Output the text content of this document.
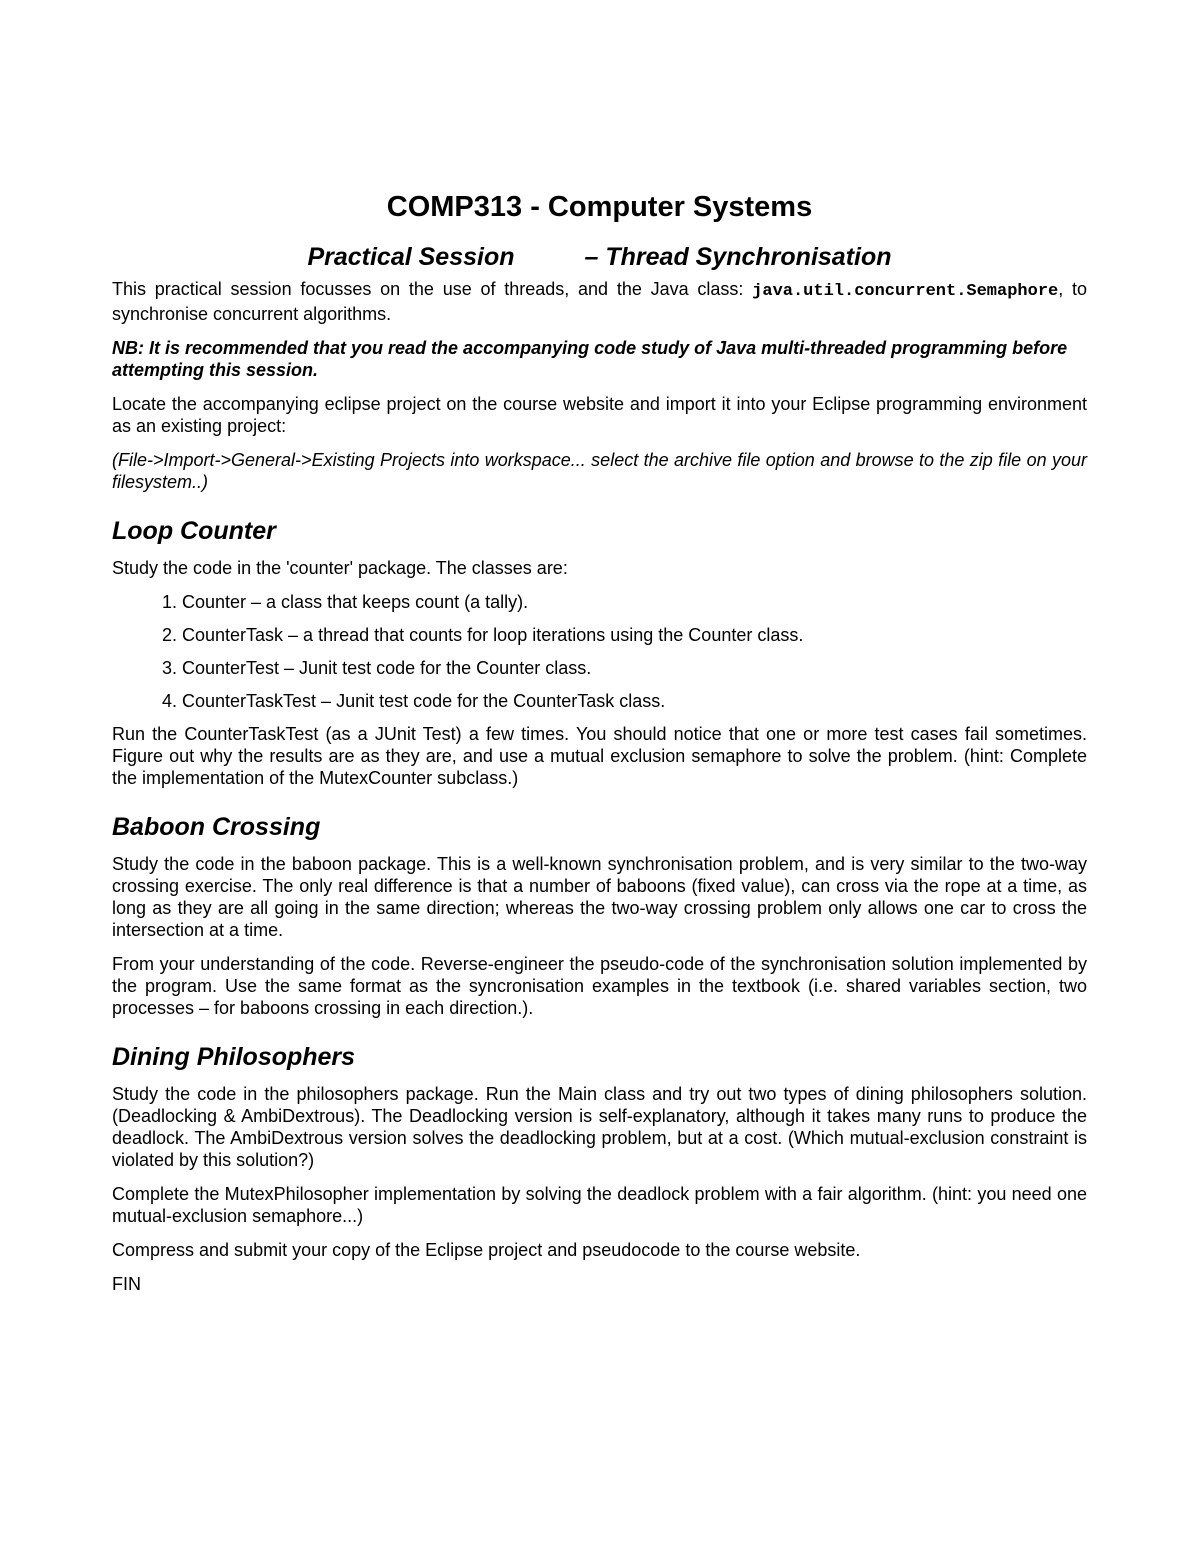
COMP313 - Computer Systems
Practical Session	– Thread Synchronisation

This practical session focusses on the use of threads, and the Java class: java.util.concurrent.Semaphore, to synchronise concurrent algorithms.

NB: It is recommended that you read the accompanying code study of Java multi-threaded programming before attempting this session.

Locate the accompanying eclipse project on the course website and import it into your Eclipse programming environment as an existing project:

(File->Import->General->Existing Projects into workspace... select the archive file option and browse to the zip file on your filesystem..)

Loop Counter

Study the code in the 'counter' package. The classes are:

1. Counter – a class that keeps count (a tally).
2. CounterTask – a thread that counts for loop iterations using the Counter class.
3. CounterTest – Junit test code for the Counter class.
4. CounterTaskTest – Junit test code for the CounterTask class.

Run the CounterTaskTest (as a JUnit Test) a few times. You should notice that one or more test cases fail sometimes. Figure out why the results are as they are, and use a mutual exclusion semaphore to solve the problem. (hint: Complete the implementation of the MutexCounter subclass.)

Baboon Crossing

Study the code in the baboon package. This is a well-known synchronisation problem, and is very similar to the two-way crossing exercise. The only real difference is that a number of baboons (fixed value), can cross via the rope at a time, as long as they are all going in the same direction; whereas the two-way crossing problem only allows one car to cross the intersection at a time.

From your understanding of the code. Reverse-engineer the pseudo-code of the synchronisation solution implemented by the program. Use the same format as the syncronisation examples in the textbook (i.e. shared variables section, two processes – for baboons crossing in each direction.).

Dining Philosophers

Study the code in the philosophers package. Run the Main class and try out two types of dining philosophers solution. (Deadlocking & AmbiDextrous). The Deadlocking version is self-explanatory, although it takes many runs to produce the deadlock. The AmbiDextrous version solves the deadlocking problem, but at a cost. (Which mutual-exclusion constraint is violated by this solution?)

Complete the MutexPhilosopher implementation by solving the deadlock problem with a fair algorithm. (hint: you need one mutual-exclusion semaphore...)

Compress and submit your copy of the Eclipse project and pseudocode to the course website.

FIN
